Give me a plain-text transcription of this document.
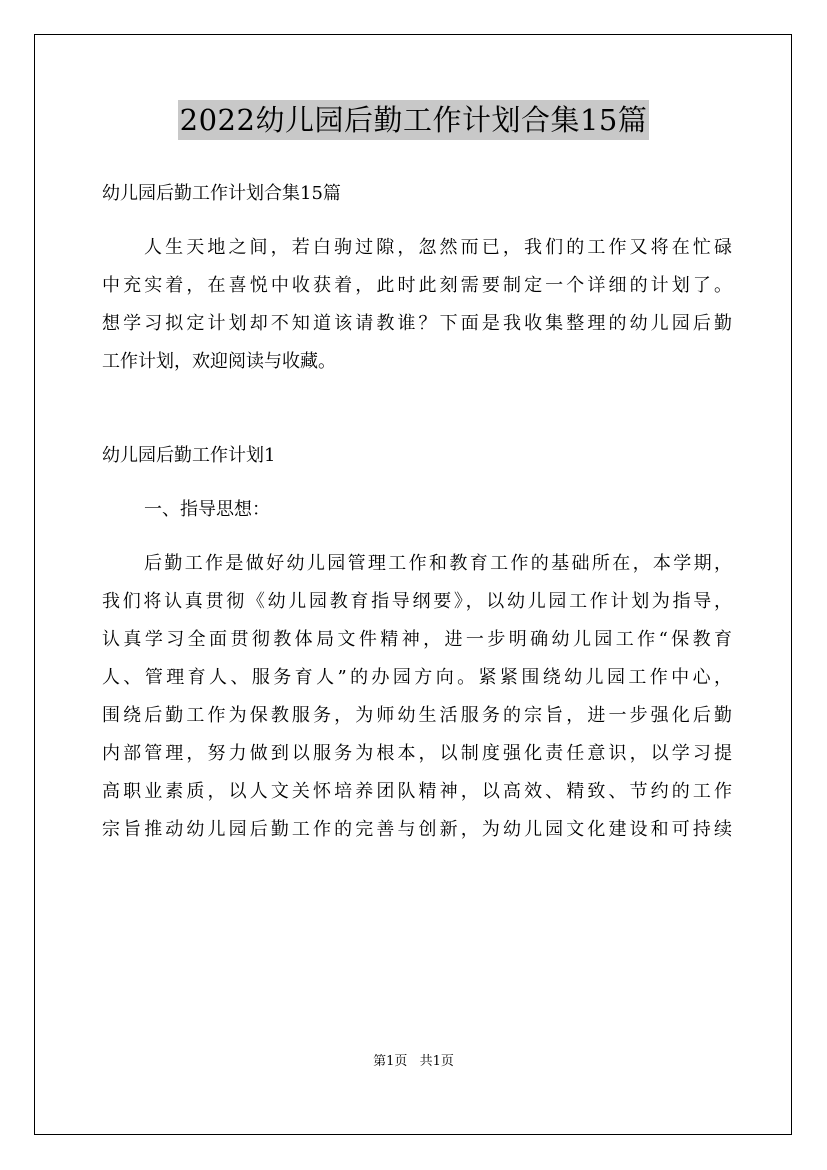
2022幼儿园后勤工作计划合集15篇
幼儿园后勤工作计划合集15篇
人生天地之间，若白驹过隙，忽然而已，我们的工作又将在忙碌
中充实着，在喜悦中收获着，此时此刻需要制定一个详细的计划了。
想学习拟定计划却不知道该请教谁？下面是我收集整理的幼儿园后勤
工作计划，欢迎阅读与收藏。
幼儿园后勤工作计划1
一、指导思想：
后勤工作是做好幼儿园管理工作和教育工作的基础所在，本学期，
我们将认真贯彻《幼儿园教育指导纲要》，以幼儿园工作计划为指导，
认真学习全面贯彻教体局文件精神，进一步明确幼儿园工作“保教育
人、管理育人、服务育人”的办园方向。紧紧围绕幼儿园工作中心，
围绕后勤工作为保教服务，为师幼生活服务的宗旨，进一步强化后勤
内部管理，努力做到以服务为根本，以制度强化责任意识，以学习提
高职业素质，以人文关怀培养团队精神，以高效、精致、节约的工作
宗旨推动幼儿园后勤工作的完善与创新，为幼儿园文化建设和可持续
第1页 共1页
